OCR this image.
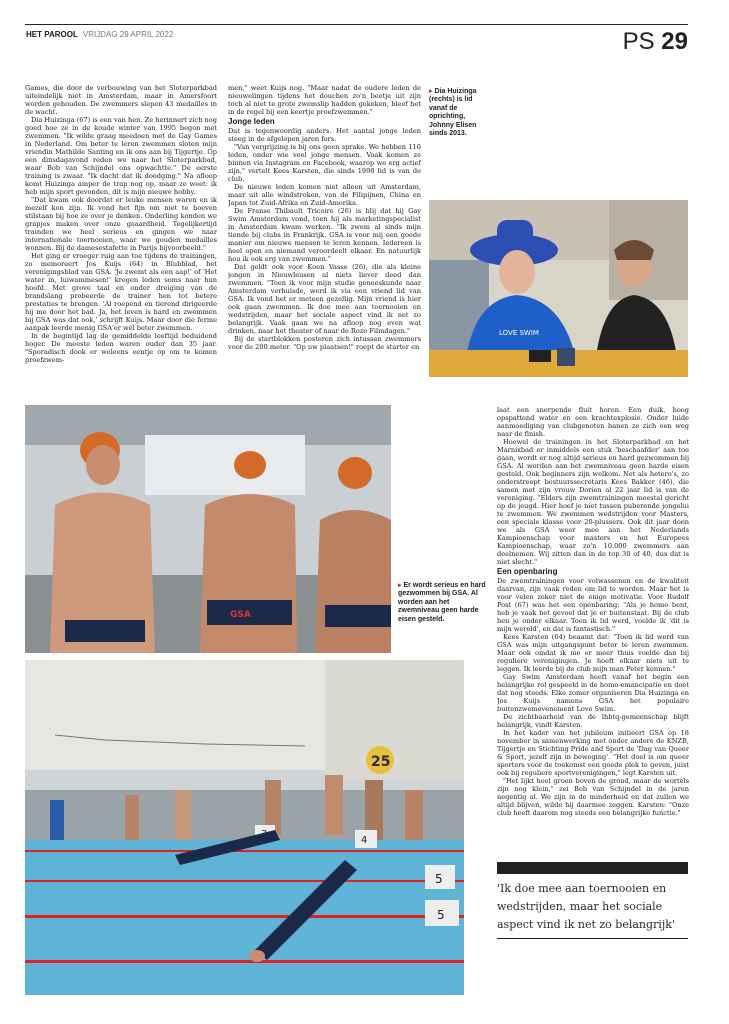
HET PAROOL VRIJDAG 29 APRIL 2022	PS 29

Games, die door de verbouwing van het Sloterparkbad uiteindelijk niet in Amsterdam, maar in Amersfoort worden gehouden. De zwemmers slepen 43 medailles in de wacht.

Dia Huizinga (67) is een van hen. Ze herinnert zich nog goed hoe ze in de koude winter van 1995 begon met zwemmen. "Ik wilde graag meedoen met de Gay Games in Nederland. Om beter te leren zwemmen sloten mijn vriendin Mathilde Santing en ik ons aan bij Tijgertje. Op een dinsdagavond reden we naar het Sloterparkbad, waar Bob van Schijndel ons opwachtte." De eerste training is zwaar. "Ik dacht dat ik doodging." Na afloop komt Huizinga amper de trap nog op, maar ze weet: ik heb mijn sport gevonden, dit is mijn nieuwe hobby.

"Dat kwam ook doordat er leuke mensen waren en ik mezelf kon zijn. Ik vond het fijn om niet te hoeven stilstaan bij hoe ze over je denken. Onderling konden we grapjes maken over onze geaardheid. Tegelijkertijd trainden we heel serieus en gingen we naar internationale toernooien, waar we gouden medailles wonnen. Bij de damesestafette in Parijs bijvoorbeeld."

Het ging er vroeger ruig aan toe tijdens de trainingen, zo memoreert Jos Kuijs (64) in Blubblad, het verenigingsblad van GSA. 'Je zwemt als een aap!' of 'Het water in, luiwammesen!' kregen leden soms naar hun hoofd. Met grove taal en onder dreiging van de brandslang probeerde de trainer hen tot betere prestaties te brengen. 'Al roepend en tierend dirigeerde hij me door het bad. Ja, het leven is hard en zwemmen bij GSA was dat ook,' schrijft Kuijs. Maar door die ferme aanpak leerde menig GSA'er wél beter zwemmen.

In de begintijd lag de gemiddelde leeftijd beduidend hoger. De meeste leden waren ouder dan 35 jaar. "Sporadisch dook er weleens eentje op om te komen proefzwem-

men," weet Kuijs nog. "Maar nadat de oudere leden de nieuwelingen tijdens het douchen zo'n beetje uit zijn toch al niet te grote zwemslip hadden gekeken, bleef het in de regel bij een keertje proefzwemmen."

Jonge leden

Dat is tegenwoordig anders. Het aantal jonge leden steeg in de afgelopen jaren fors.

"Van vergrijzing is bij ons geen sprake. We hebben 110 leden, onder wie veel jonge mensen. Vaak komen ze binnen via Instagram en Facebook, waarop we erg actief zijn," vertelt Kees Karsten, die sinds 1998 lid is van de club.

De nieuwe leden komen niet alleen uit Amsterdam, maar uit alle windstreken, van de Filipijnen, China en Japan tot Zuid-Afrika en Zuid-Amerika.

De Franse Thibault Tricoire (26) is blij dat hij Gay Swim Amsterdam vond, toen hij als marketingspecialist in Amsterdam kwam werken. "Ik zwem al sinds mijn tiende bij clubs in Frankrijk. GSA is voor mij een goede manier om nieuwe mensen te leren kennen. Iedereen is heel open en niemand veroordeelt elkaar. En natuurlijk hou ik ook erg van zwemmen."

Dat geldt ook voor Koen Vasse (26), die als kleine jongen in Nieuwleusen al niets liever deed dan zwemmen. "Toen ik voor mijn studie geneeskunde naar Amsterdam verhuisde, werd ik via een vriend lid van GSA. Ik vond het er meteen gezellig. Mijn vriend is hier ook gaan zwemmen. Ik doe mee aan toernooien en wedstrijden, maar het sociale aspect vind ik net zo belangrijk. Vaak gaan we na afloop nog even wat drinken, naar het theater of naar de Roze Filmdagen."

Bij de startblokken posteren zich intussen zwemmers voor de 200 meter. "Op uw plaatsen!" roept de starter en

▸ Dia Huizinga (rechts) is lid vanaf de oprichting, Johnny Elisen sinds 2013.
LOVE SWIM
GSA
▸ Er wordt serieus en hard gezwommen bij GSA. Al worden aan het zwemniveau geen harde eisen gesteld.
25
5
5
4

laat een snerpende fluit horen. Een duik, hoog opspattend water en een krachtexplosie. Onder luide aanmoediging van clubgenoten banen ze zich een weg naar de finish.

Hoewel de trainingen in het Sloterparkbad en het Marnixbad er inmiddels een stuk 'beschaafder' aan toe gaan, wordt er nog altijd serieus en hard gezwommen bij GSA. Al worden aan het zwemniveau geen harde eisen gesteld. Ook beginners zijn welkom. Net als hetero's, zo onderstreept bestuurssecretaris Kees Bakker (46), die samen met zijn vrouw Dorien al 22 jaar lid is van de vereniging. "Elders zijn zwemtrainingen meestal gericht op de jeugd. Hier hoef je niet tussen puberende jongelui te zwemmen. We zwemmen wedstrijden voor Masters, een speciale klasse voor 20-plussers. Ook dit jaar doen we als GSA weer mee aan het Nederlands Kampioenschap voor masters en het Europees Kampioenschap, waar zo'n 10.000 zwemmers aan deelnemen. Wij zitten dan in de top 30 of 40, dus dat is niet slecht."

Een openbaring

De zwemtrainingen voor volwassenen en de kwaliteit daarvan, zijn vaak reden om lid te worden. Maar het is voor velen zeker niet de enige motivatie. Voor Rudolf Post (67) was het een openbaring: "Als je homo bent, heb je vaak het gevoel dat je er buitenstaat. Bij de club ben je onder elkaar. Toen ik lid werd, voelde ik 'dit is mijn wereld', en dat is fantastisch."

Kees Karsten (64) beaamt dat: "Toen ik lid werd van GSA was mijn uitgangspunt beter te leren zwemmen. Maar ook omdat ik me er meer thuis voelde dan bij reguliere verenigingen. Je hoeft elkaar niets uit te leggen. Ik leerde bij de club mijn man Peter kennen."

Gay Swim Amsterdam heeft vanaf het begin een belangrijke rol gespeeld in de homo-emancipatie en doet dat nog steeds. Elke zomer organiseren Dia Huizinga en Jos Kuijs namens GSA het populaire buitenzwemevenement Love Swim.

De zichtbaarheid van de lhbtq-gemeenschap blijft belangrijk, vindt Karsten.

In het kader van het jubileum initieert GSA op 18 november in samenwerking met onder andere de KNZB, Tijgertje en Stichting Pride and Sport de 'Dag van Queer & Sport, jezelf zijn in beweging'. "Het doel is om queer sporters voor de toekomst een goede plek te geven, juist ook bij reguliere sportverenigingen," legt Karsten uit.

"Het lijkt heel groen boven de grond, maar de wortels zijn nog klein," zei Bob van Schijndel in de jaren negentig al. We zijn in de minderheid en dat zullen we altijd blijven, wilde hij daarmee zeggen. Karsten: "Onze club heeft daarom nog steeds een belangrijke functie."

'Ik doe mee aan toernooien en wedstrijden, maar het sociale aspect vind ik net zo belangrijk'
